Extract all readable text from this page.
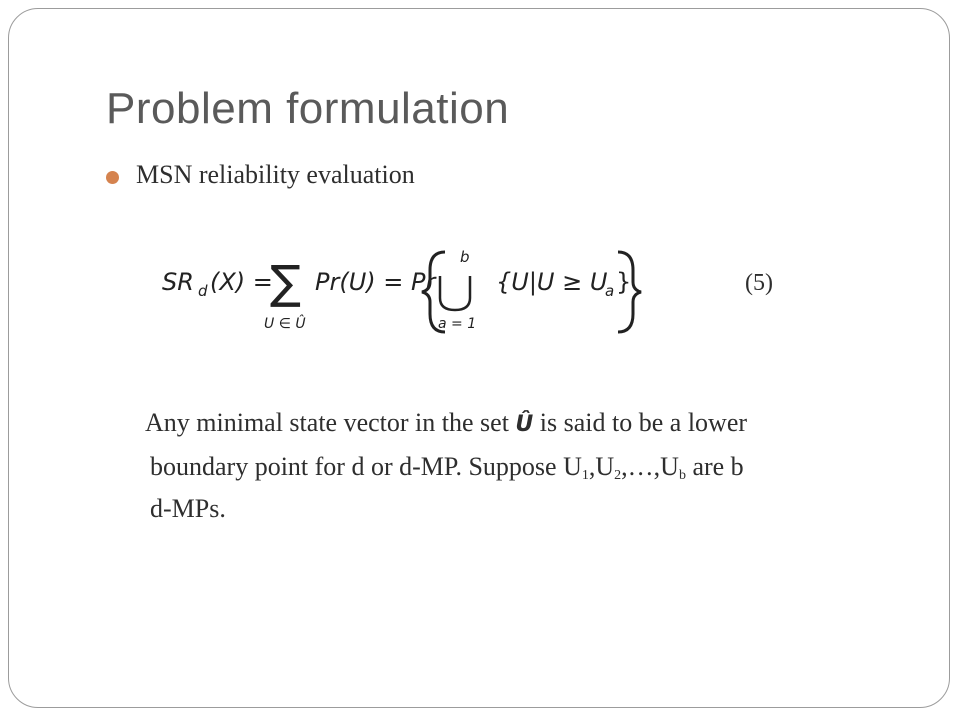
Problem formulation
MSN reliability evaluation
SR d (X) =
∑
U ∈ Û
Pr(U) = Pr
b
a = 1
{U|U ≥ U
a }	(5)
Any minimal state vector in the set Û is said to be a lower
boundary point for d or d-MP. Suppose $U_1,U_2,\dots,U_b$ are b
d-MPs.
